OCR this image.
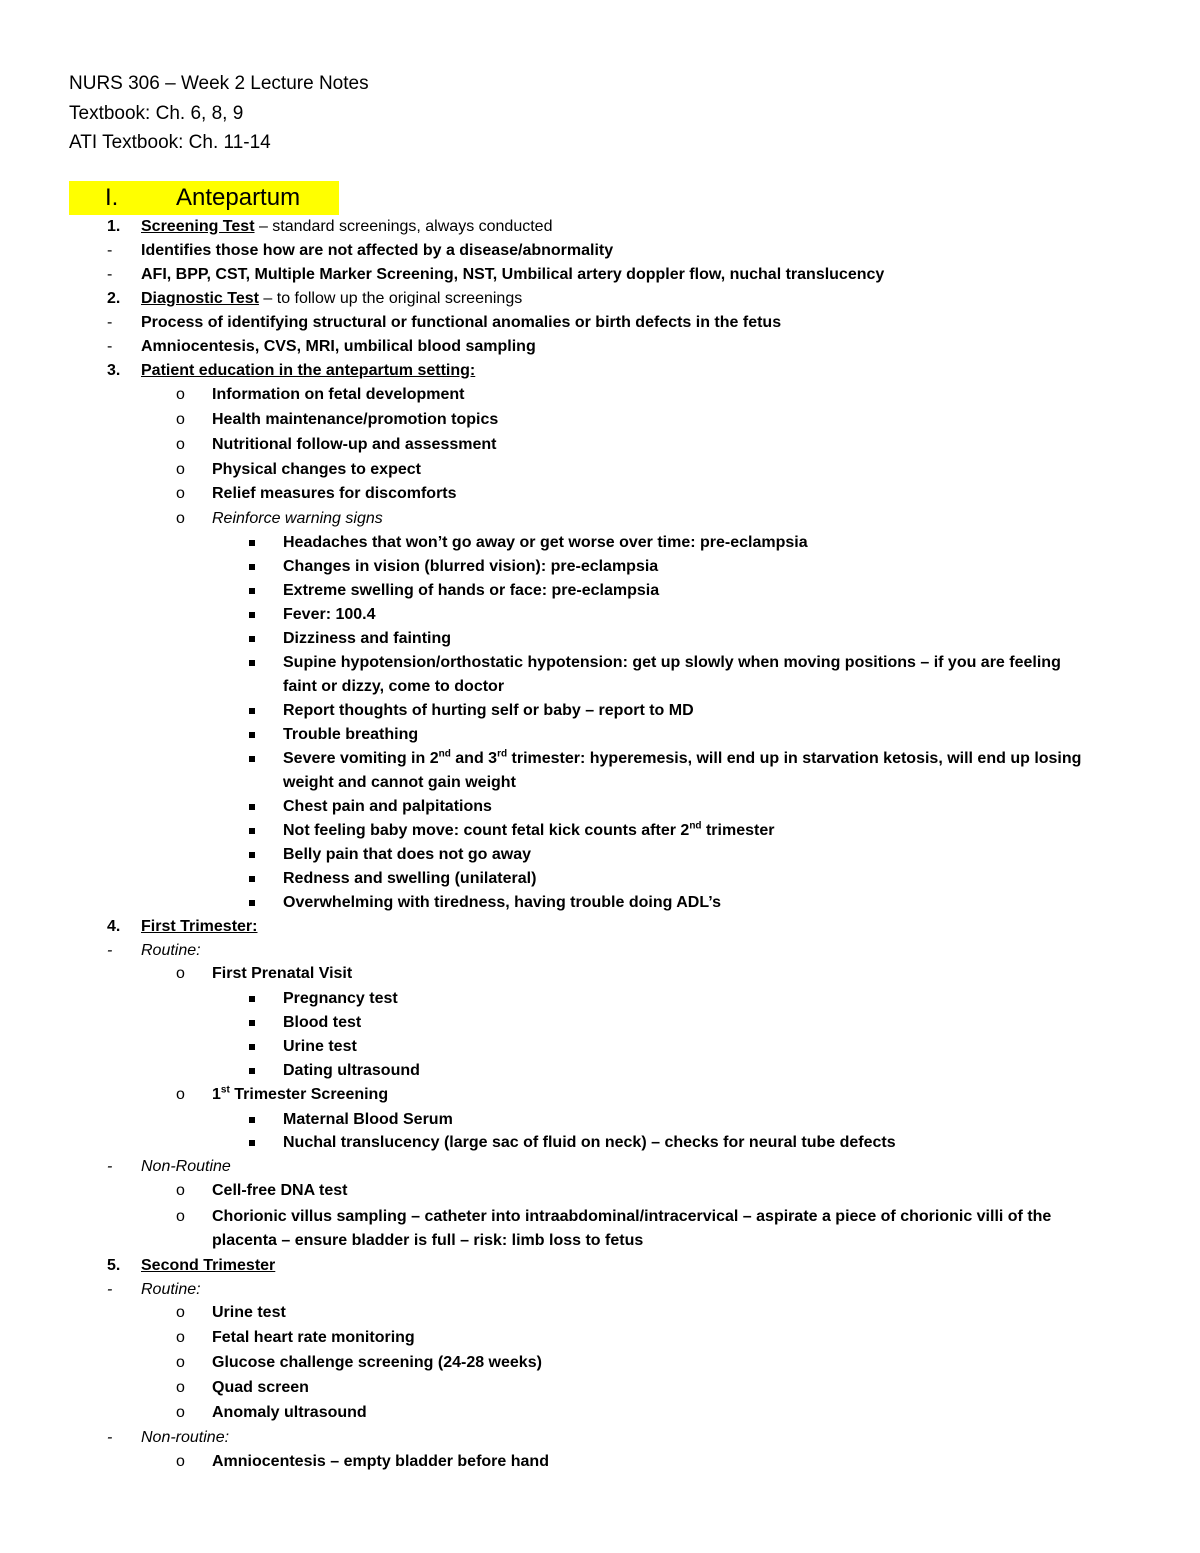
NURS 306 – Week 2 Lecture Notes
Textbook: Ch. 6, 8, 9
ATI Textbook: Ch. 11-14
I. Antepartum
1. Screening Test – standard screenings, always conducted
- Identifies those how are not affected by a disease/abnormality
- AFI, BPP, CST, Multiple Marker Screening, NST, Umbilical artery doppler flow, nuchal translucency
2. Diagnostic Test – to follow up the original screenings
- Process of identifying structural or functional anomalies or birth defects in the fetus
- Amniocentesis, CVS, MRI, umbilical blood sampling
3. Patient education in the antepartum setting:
o Information on fetal development
o Health maintenance/promotion topics
o Nutritional follow-up and assessment
o Physical changes to expect
o Relief measures for discomforts
o Reinforce warning signs
Headaches that won’t go away or get worse over time: pre-eclampsia
Changes in vision (blurred vision): pre-eclampsia
Extreme swelling of hands or face: pre-eclampsia
Fever: 100.4
Dizziness and fainting
Supine hypotension/orthostatic hypotension: get up slowly when moving positions – if you are feeling
faint or dizzy, come to doctor
Report thoughts of hurting self or baby – report to MD
Trouble breathing
Severe vomiting in 2nd and 3rd trimester: hyperemesis, will end up in starvation ketosis, will end up losing
weight and cannot gain weight
Chest pain and palpitations
Not feeling baby move: count fetal kick counts after 2nd trimester
Belly pain that does not go away
Redness and swelling (unilateral)
Overwhelming with tiredness, having trouble doing ADL’s
4. First Trimester:
- Routine:
o First Prenatal Visit
Pregnancy test
Blood test
Urine test
Dating ultrasound
o 1st Trimester Screening
Maternal Blood Serum
Nuchal translucency (large sac of fluid on neck) – checks for neural tube defects
- Non-Routine
o Cell-free DNA test
o Chorionic villus sampling – catheter into intraabdominal/intracervical – aspirate a piece of chorionic villi of the
placenta – ensure bladder is full – risk: limb loss to fetus
5. Second Trimester
- Routine:
o Urine test
o Fetal heart rate monitoring
o Glucose challenge screening (24-28 weeks)
o Quad screen
o Anomaly ultrasound
- Non-routine:
o Amniocentesis – empty bladder before hand
